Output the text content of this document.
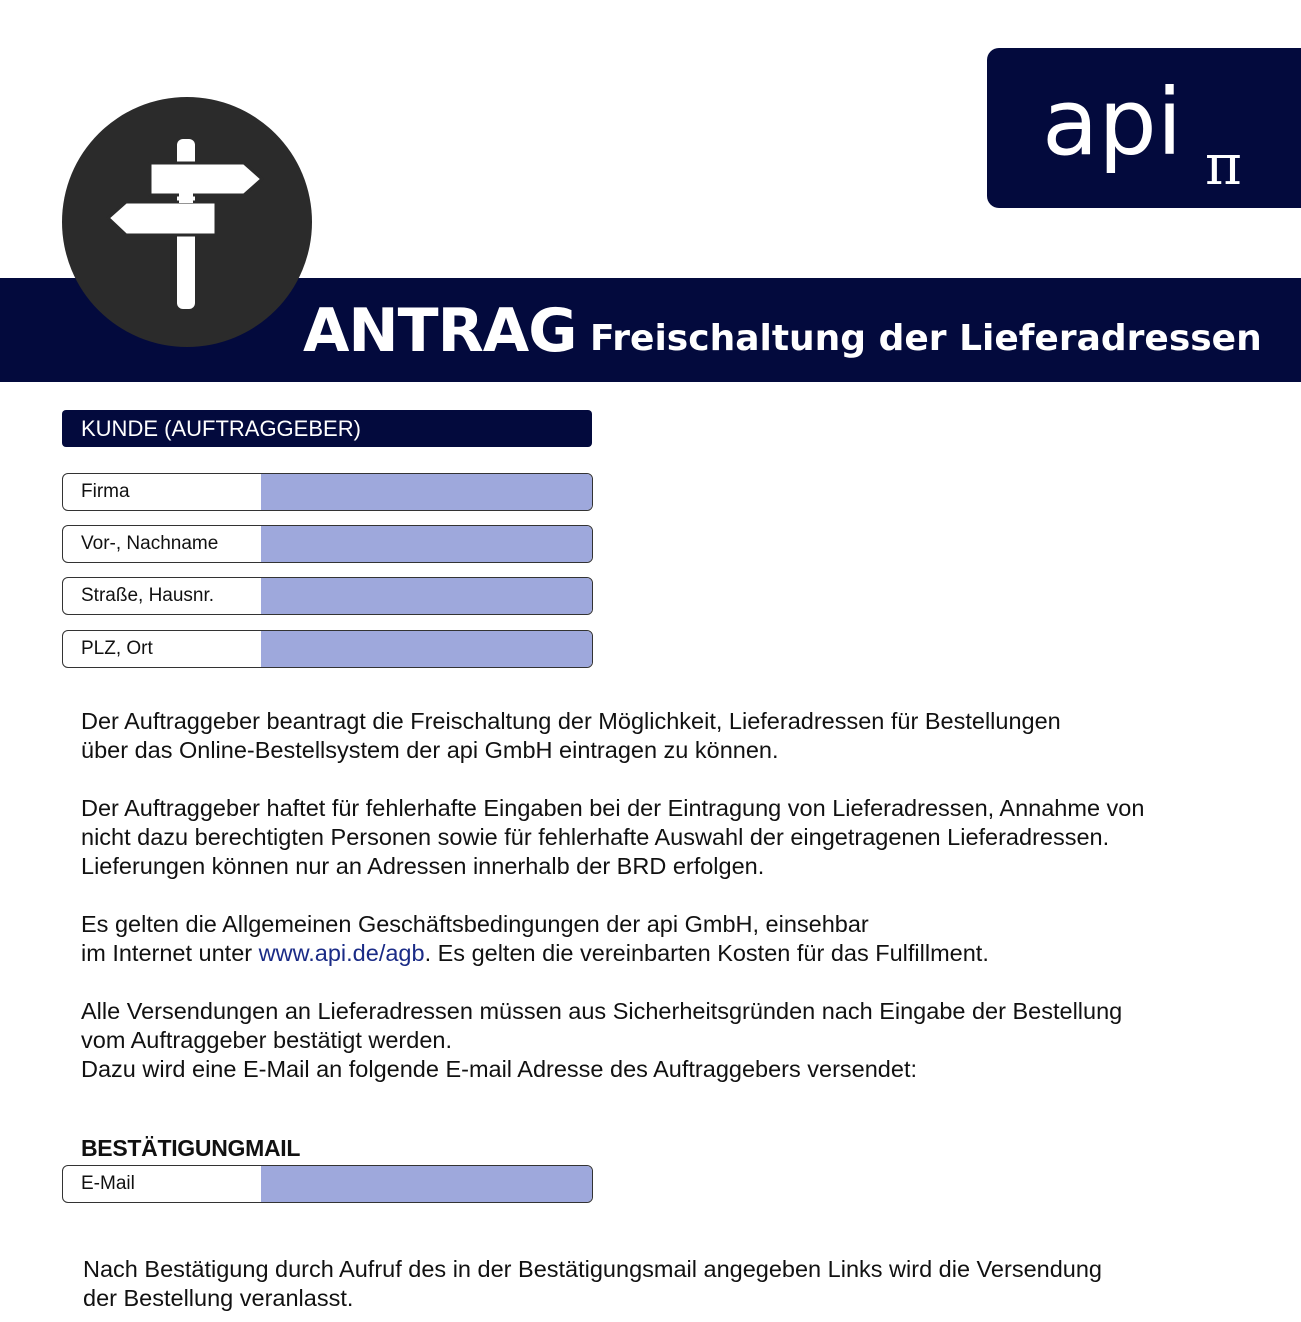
api π
ANTRAG Freischaltung der Lieferadressen
KUNDE (AUFTRAGGEBER)
Firma
Vor-, Nachname
Straße, Hausnr.
PLZ, Ort

Der Auftraggeber beantragt die Freischaltung der Möglichkeit, Lieferadressen für Bestellungen
über das Online-Bestellsystem der api GmbH eintragen zu können.

Der Auftraggeber haftet für fehlerhafte Eingaben bei der Eintragung von Lieferadressen, Annahme von
nicht dazu berechtigten Personen sowie für fehlerhafte Auswahl der eingetragenen Lieferadressen.
Lieferungen können nur an Adressen innerhalb der BRD erfolgen.

Es gelten die Allgemeinen Geschäftsbedingungen der api GmbH, einsehbar
im Internet unter www.api.de/agb. Es gelten die vereinbarten Kosten für das Fulfillment.

Alle Versendungen an Lieferadressen müssen aus Sicherheitsgründen nach Eingabe der Bestellung
vom Auftraggeber bestätigt werden.
Dazu wird eine E-Mail an folgende E-mail Adresse des Auftraggebers versendet:

BESTÄTIGUNGMAIL
E-Mail

Nach Bestätigung durch Aufruf des in der Bestätigungsmail angegeben Links wird die Versendung
der Bestellung veranlasst.
